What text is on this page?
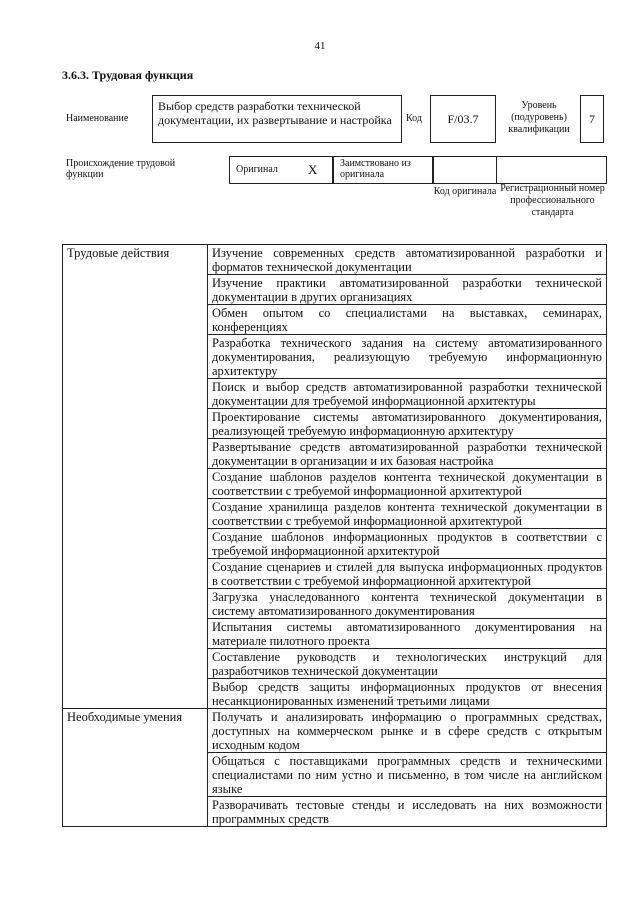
41
3.6.3. Трудовая функция
Наименование
Выбор средств разработки технической документации, их развертывание и настройка	Код	F/03.7
Уровень (подуровень) квалификации
7
Происхождение трудовой функции	Оригинал X	Заимствовано из оригинала
Код оригинала Регистрационный номер профессионального стандарта
Трудовые действия	Изучение современных средств автоматизированной разработки и форматов технической документации
	Изучение практики автоматизированной разработки технической документации в других организациях
	Обмен опытом со специалистами на выставках, семинарах, конференциях
	Разработка технического задания на систему автоматизированного документирования, реализующую требуемую информационную архитектуру
	Поиск и выбор средств автоматизированной разработки технической документации для требуемой информационной архитектуры
	Проектирование системы автоматизированного документирования, реализующей требуемую информационную архитектуру
	Развертывание средств автоматизированной разработки технической документации в организации и их базовая настройка
	Создание шаблонов разделов контента технической документации в соответствии с требуемой информационной архитектурой
	Создание хранилища разделов контента технической документации в соответствии с требуемой информационной архитектурой
	Создание шаблонов информационных продуктов в соответствии с требуемой информационной архитектурой
	Создание сценариев и стилей для выпуска информационных продуктов в соответствии с требуемой информационной архитектурой
	Загрузка унаследованного контента технической документации в систему автоматизированного документирования
	Испытания системы автоматизированного документирования на материале пилотного проекта
	Составление руководств и технологических инструкций для разработчиков технической документации
	Выбор средств защиты информационных продуктов от внесения несанкционированных изменений третьими лицами
Необходимые умения	Получать и анализировать информацию о программных средствах, доступных на коммерческом рынке и в сфере средств с открытым исходным кодом
	Общаться с поставщиками программных средств и техническими специалистами по ним устно и письменно, в том числе на английском языке
	Разворачивать тестовые стенды и исследовать на них возможности программных средств
